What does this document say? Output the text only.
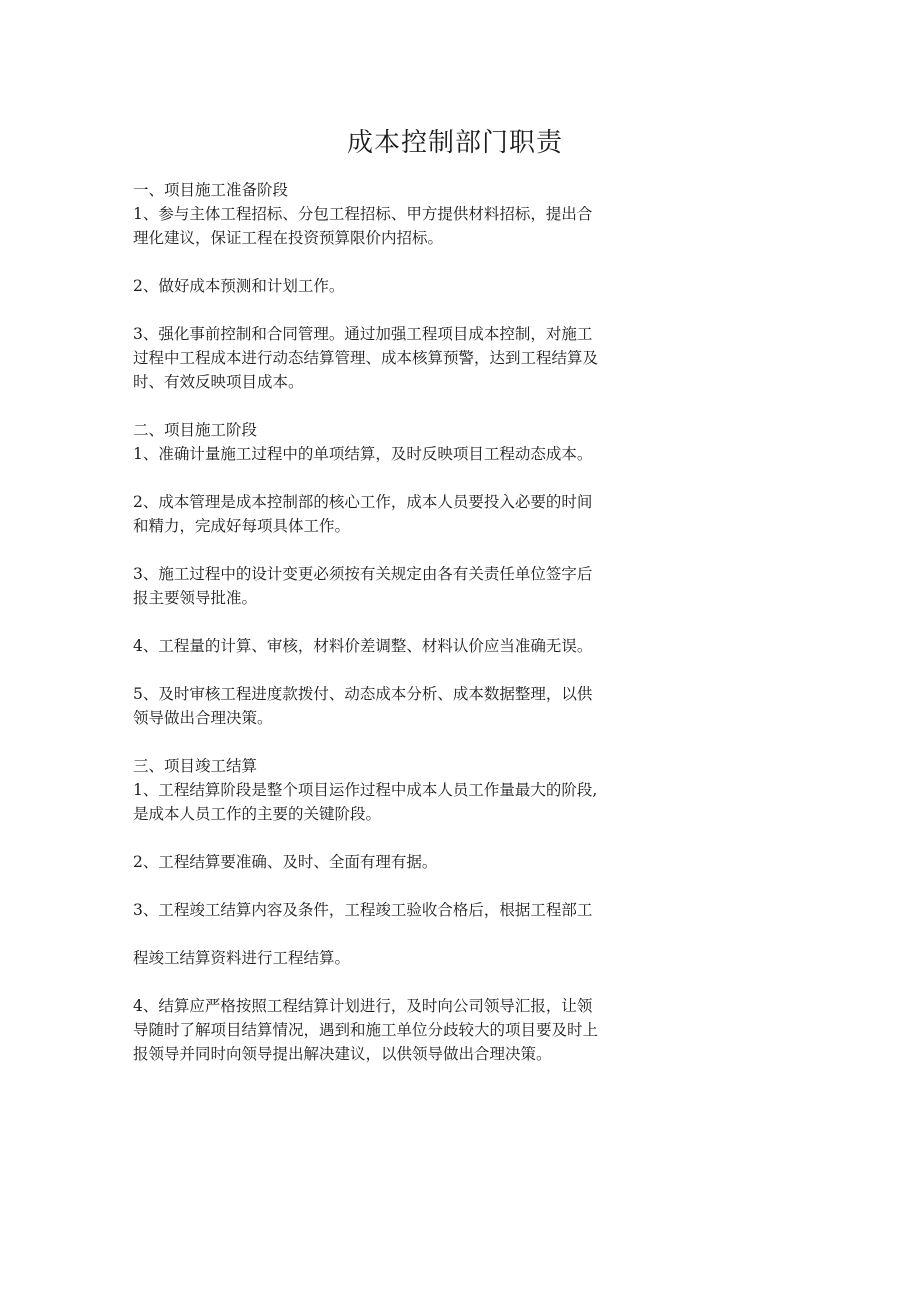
成本控制部门职责
一、项目施工准备阶段
1、参与主体工程招标、分包工程招标、甲方提供材料招标，提出合
理化建议，保证工程在投资预算限价内招标。
2、做好成本预测和计划工作。
3、强化事前控制和合同管理。通过加强工程项目成本控制，对施工
过程中工程成本进行动态结算管理、成本核算预警，达到工程结算及
时、有效反映项目成本。
二、项目施工阶段
1、准确计量施工过程中的单项结算，及时反映项目工程动态成本。
2、成本管理是成本控制部的核心工作，成本人员要投入必要的时间
和精力，完成好每项具体工作。
3、施工过程中的设计变更必须按有关规定由各有关责任单位签字后
报主要领导批准。
4、工程量的计算、审核，材料价差调整、材料认价应当准确无误。
5、及时审核工程进度款拨付、动态成本分析、成本数据整理，以供
领导做出合理决策。
三、项目竣工结算
1、工程结算阶段是整个项目运作过程中成本人员工作量最大的阶段,
是成本人员工作的主要的关键阶段。
2、工程结算要准确、及时、全面有理有据。
3、工程竣工结算内容及条件，工程竣工验收合格后，根据工程部工
程竣工结算资料进行工程结算。
4、结算应严格按照工程结算计划进行，及时向公司领导汇报，让领
导随时了解项目结算情况，遇到和施工单位分歧较大的项目要及时上
报领导并同时向领导提出解决建议，以供领导做出合理决策。
